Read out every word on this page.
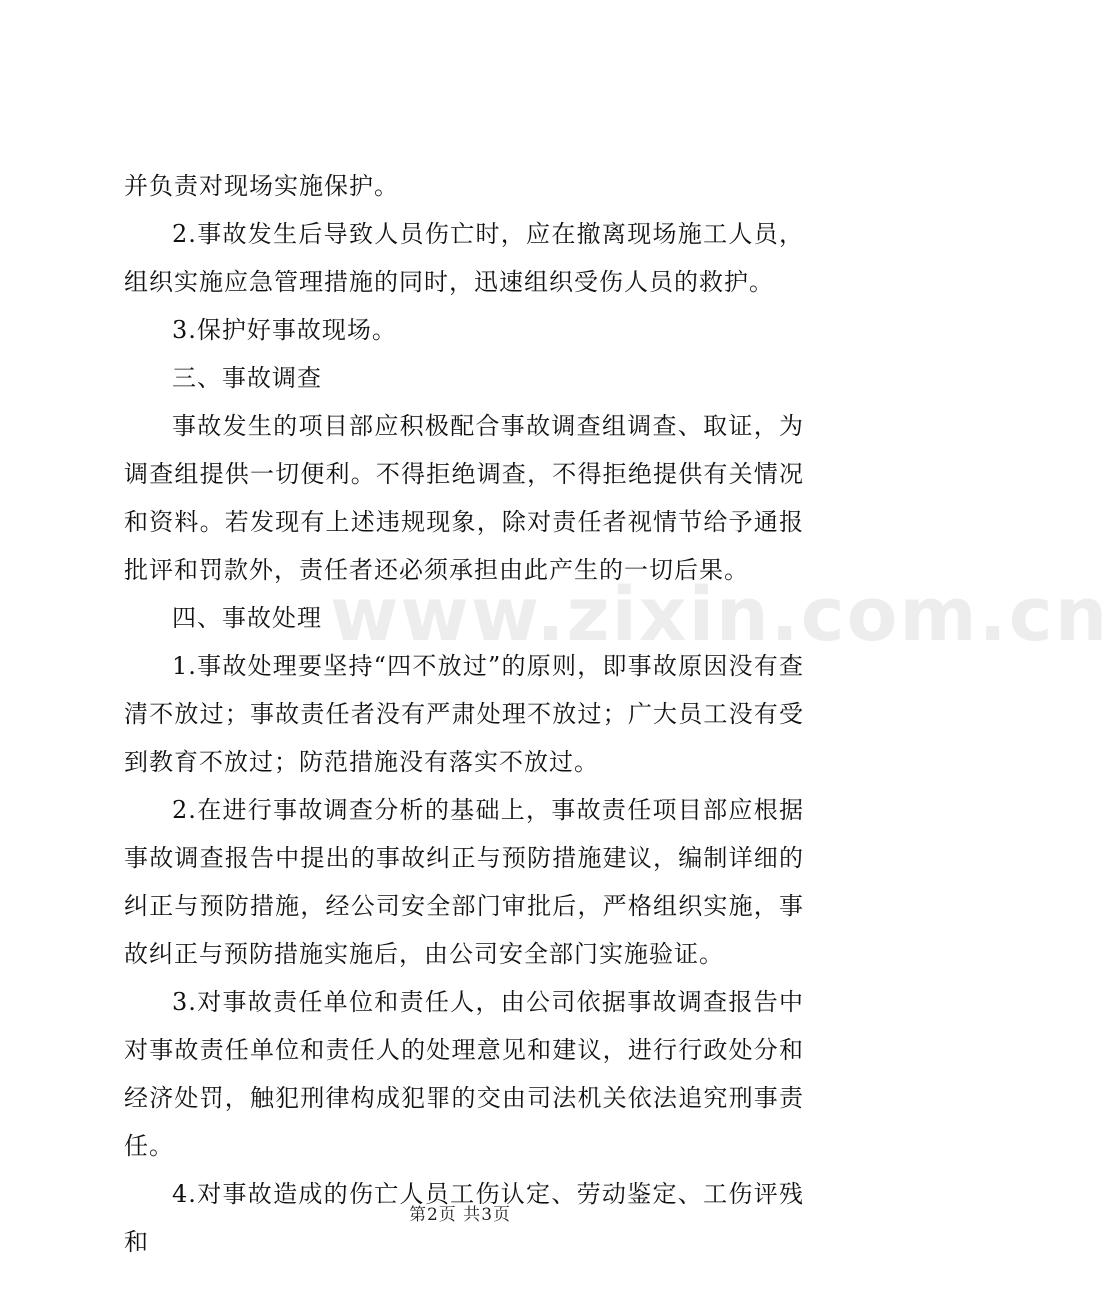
并负责对现场实施保护。

2.事故发生后导致人员伤亡时，应在撤离现场施工人员，组织实施应急管理措施的同时，迅速组织受伤人员的救护。

3.保护好事故现场。

三、事故调查

事故发生的项目部应积极配合事故调查组调查、取证，为调查组提供一切便利。不得拒绝调查，不得拒绝提供有关情况和资料。若发现有上述违规现象，除对责任者视情节给予通报批评和罚款外，责任者还必须承担由此产生的一切后果。

四、事故处理

1.事故处理要坚持“四不放过”的原则，即事故原因没有查清不放过；事故责任者没有严肃处理不放过；广大员工没有受到教育不放过；防范措施没有落实不放过。

2.在进行事故调查分析的基础上，事故责任项目部应根据事故调查报告中提出的事故纠正与预防措施建议，编制详细的纠正与预防措施，经公司安全部门审批后，严格组织实施，事故纠正与预防措施实施后，由公司安全部门实施验证。

3.对事故责任单位和责任人，由公司依据事故调查报告中对事故责任单位和责任人的处理意见和建议，进行行政处分和经济处罚，触犯刑律构成犯罪的交由司法机关依法追究刑事责任。

4.对事故造成的伤亡人员工伤认定、劳动鉴定、工伤评残和

www.zixin.com.cn
第2页 共3页
